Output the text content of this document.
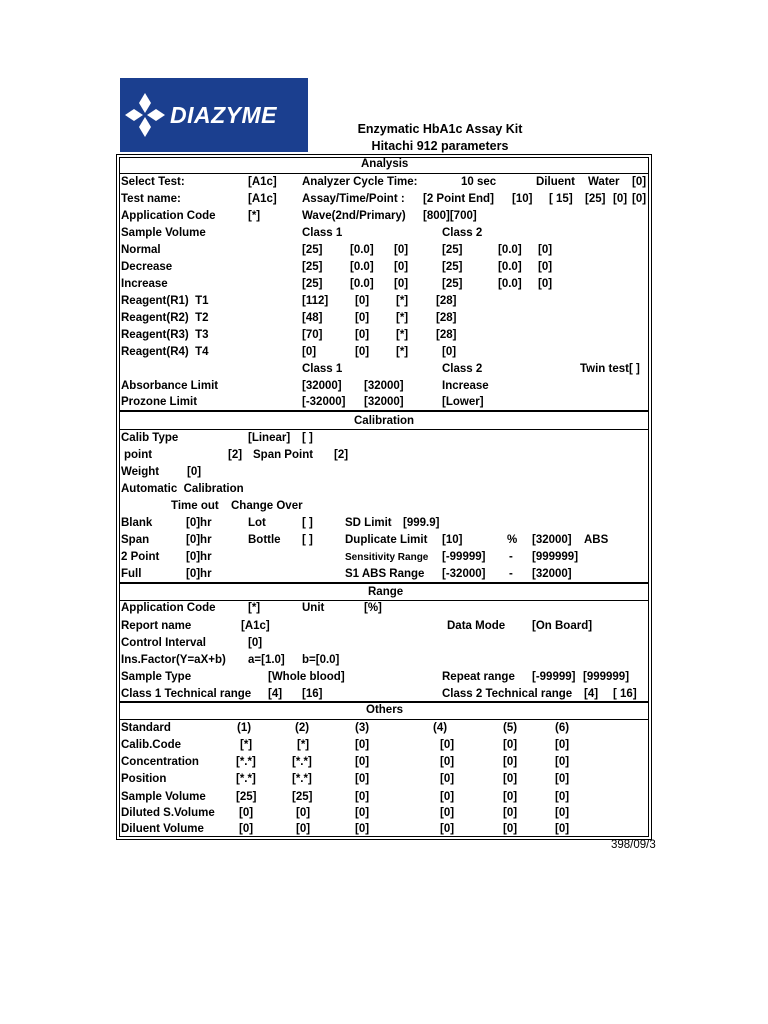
DIAZYME
Enzymatic HbA1c Assay Kit
Hitachi 912 parameters
Analysis
Calibration
Range
Others
Select Test:	[A1c] Analyzer Cycle Time:	10 sec	Diluent Water [0]
Test name:	[A1c] Assay/Time/Point : [2 Point End] [10] [ 15] [25] [0] [0]
Application Code	[*]	Wave(2nd/Primary) [800][700]
Sample Volume	Class 1	Class 2
Normal	[25] [0.0] [0]	[25]	[0.0] [0]
Decrease	[25] [0.0] [0]	[25]	[0.0] [0]
Increase	[25] [0.0] [0]	[25]	[0.0] [0]
Reagent(R1)  T1	[112] [0] [*] [28]
Reagent(R2)  T2	[48]	[0] [*] [28]
Reagent(R3)  T3	[70]	[0] [*] [28]
Reagent(R4)  T4	[0]	[0] [*]	[0]
Class 1	Class 2	Twin test[ ]
Absorbance Limit	[32000] [32000]	Increase
Prozone Limit	[-32000] [32000]	[Lower]
Calib Type	[Linear] [ ]
point	[2] Span Point [2]
Weight [0]
Automatic  Calibration
Time out Change Over
Blank	[0]hr	Lot	[ ]	SD Limit [999.9]
Span	[0]hr	Bottle [ ]	Duplicate Limit [10]	% [32000] ABS
2 Point [0]hr	Sensitivity Range [-99999] - [999999]
Full	[0]hr	S1 ABS Range [-32000] - [32000]
Application Code	[*]	Unit	[%]
Report name	[A1c]	Data Mode [On Board]
Control Interval	[0]
Ins.Factor(Y=aX+b) a=[1.0] b=[0.0]
Sample Type	[Whole blood]	Repeat range [-99999] [999999]
Class 1 Technical range [4] [16]	Class 2 Technical range [4] [ 16]
Standard	(1)	(2)	(3)	(4)	(5)	(6)
Calib.Code	[*]	[*]	[0]	[0]	[0]	[0]
Concentration	[*.*]	[*.*]	[0]	[0]	[0]	[0]
Position	[*.*]	[*.*]	[0]	[0]	[0]	[0]
Sample Volume	[25]	[25]	[0]	[0]	[0]	[0]
Diluted S.Volume [0]	[0]	[0]	[0]	[0]	[0]
Diluent Volume	[0]	[0]	[0]	[0]	[0]	[0]
398/09/3
